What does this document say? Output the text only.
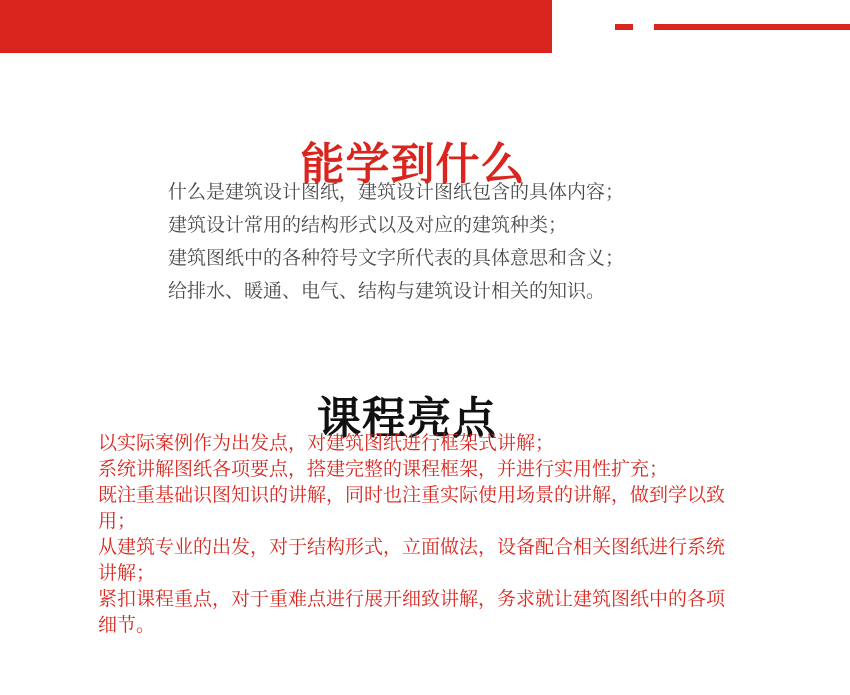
能学到什么
什么是建筑设计图纸，建筑设计图纸包含的具体内容；
建筑设计常用的结构形式以及对应的建筑种类；
建筑图纸中的各种符号文字所代表的具体意思和含义；
给排水、暖通、电气、结构与建筑设计相关的知识。
课程亮点
以实际案例作为出发点，对建筑图纸进行框架式讲解；
系统讲解图纸各项要点，搭建完整的课程框架，并进行实用性扩充；
既注重基础识图知识的讲解，同时也注重实际使用场景的讲解，做到学以致用；
从建筑专业的出发，对于结构形式，立面做法，设备配合相关图纸进行系统讲解；
紧扣课程重点，对于重难点进行展开细致讲解，务求就让建筑图纸中的各项细节。
